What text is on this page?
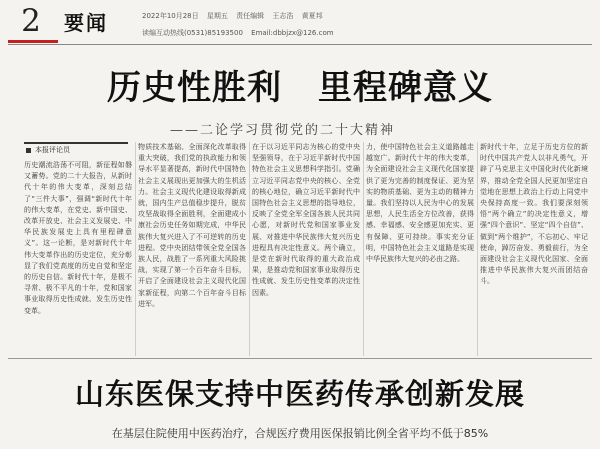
2	要闻	2022年10月28日 星期五 责任编辑 王志浩 黄夏邦
读编互动热线(0531)85193500 Email:dbbjzx@126.com
历史性胜利 里程碑意义
——二论学习贯彻党的二十大精神
本报评论员
历史潮流浩荡不可阻，新征程如磐又蓄势。党的二十大报告，从新时代十年的伟大变革，深刻总结了“三件大事”，强调“新时代十年的伟大变革，在党史、新中国史、改革开放史、社会主义发展史、中华民族发展史上具有里程碑意义”。这一论断，是对新时代十年伟大变革作出的历史定位，充分彰显了我们党高度的历史自觉和坚定的历史自信。新时代十年，是极不寻常、极不平凡的十年，党和国家事业取得历史性成就、发生历史性变革。
物质技术基础、全面深化改革取得重大突破，我们党的执政能力和领导水平显著提高，新时代中国特色社会主义展现出更加强大的生机活力。社会主义现代化建设取得新成就，国内生产总值稳步提升，脱贫攻坚战取得全面胜利，全面建成小康社会历史任务如期完成，中华民族伟大复兴进入了不可逆转的历史进程。党中央团结带领全党全国各族人民，战胜了一系列重大风险挑战，实现了第一个百年奋斗目标，开启了全面建设社会主义现代化国家新征程，向第二个百年奋斗目标进军。
在于以习近平同志为核心的党中央坚强领导，在于习近平新时代中国特色社会主义思想科学指引。党确立习近平同志党中央的核心、全党的核心地位，确立习近平新时代中国特色社会主义思想的指导地位，反映了全党全军全国各族人民共同心愿，对新时代党和国家事业发展、对推进中华民族伟大复兴历史进程具有决定性意义。两个确立，是党在新时代取得的重大政治成果，是推动党和国家事业取得历史性成就、发生历史性变革的决定性因素。
力，使中国特色社会主义道路越走越宽广。新时代十年的伟大变革，为全面建设社会主义现代化国家提供了更为完善的制度保证、更为坚实的物质基础、更为主动的精神力量。我们坚持以人民为中心的发展思想，人民生活全方位改善，获得感、幸福感、安全感更加充实、更有保障、更可持续。事实充分证明，中国特色社会主义道路是实现中华民族伟大复兴的必由之路。
新时代十年，立足于历史方位的新时代中国共产党人以非凡勇气，开辟了马克思主义中国化时代化新境界，推动全党全国人民更加坚定自觉地在思想上政治上行动上同党中央保持高度一致。我们要深刻领悟“两个确立”的决定性意义，增强“四个意识”、坚定“四个自信”、做到“两个维护”，不忘初心、牢记使命，踔厉奋发、勇毅前行，为全面建设社会主义现代化国家、全面推进中华民族伟大复兴而团结奋斗。
山东医保支持中医药传承创新发展
在基层住院使用中医药治疗，合规医疗费用医保报销比例全省平均不低于85%
